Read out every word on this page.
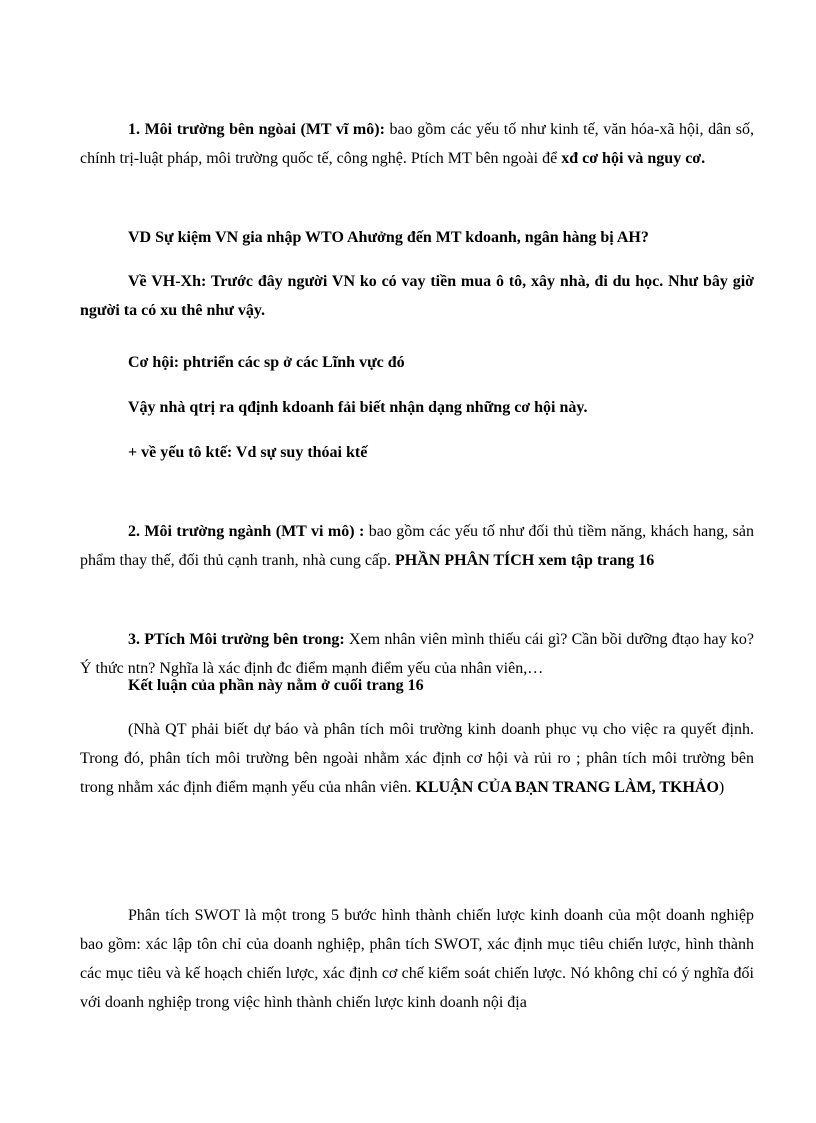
1. Môi trường bên ngòai (MT vĩ mô): bao gồm các yếu tố như kinh tế, văn hóa-xã hội, dân số, chính trị-luật pháp, môi trường quốc tế, công nghệ. Ptích MT bên ngoài để xđ cơ hội và nguy cơ.

VD Sự kiệm VN gia nhập WTO Ahưởng đến MT kdoanh, ngân hàng bị AH?

Về VH-Xh: Trước đây người VN ko có vay tiền mua ô tô, xây nhà, đi du học. Như bây giờ người ta có xu thê như vậy.

Cơ hội: phtriển các sp ở các Lĩnh vực đó

Vậy nhà qtrị ra qđịnh kdoanh fải biết nhận dạng những cơ hội này.

+ về yếu tô ktế: Vd sự suy thóai ktế

2. Môi trường ngành (MT vi mô) : bao gồm các yếu tố như đối thủ tiềm năng, khách hang, sản phẩm thay thế, đối thủ cạnh tranh, nhà cung cấp. PHẦN PHÂN TÍCH xem tập trang 16

3. PTích Môi trường bên trong: Xem nhân viên mình thiếu cái gì? Cần bồi dưỡng đtạo hay ko? Ý thức ntn? Nghĩa là xác định đc điểm mạnh điểm yếu của nhân viên,…

Kết luận của phần này nằm ở cuối trang 16

(Nhà QT phải biết dự báo và phân tích môi trường kinh doanh phục vụ cho việc ra quyết định. Trong đó, phân tích môi trường bên ngoài nhằm xác định cơ hội và rủi ro ; phân tích môi trường bên trong nhằm xác định điểm mạnh yếu của nhân viên. KLUẬN CỦA BẠN TRANG LÀM, TKHẢO)

Phân tích SWOT là một trong 5 bước hình thành chiến lược kinh doanh của một doanh nghiệp bao gồm: xác lập tôn chỉ của doanh nghiệp, phân tích SWOT, xác định mục tiêu chiến lược, hình thành các mục tiêu và kế hoạch chiến lược, xác định cơ chế kiểm soát chiến lược. Nó không chỉ có ý nghĩa đối với doanh nghiệp trong việc hình thành chiến lược kinh doanh nội địa
